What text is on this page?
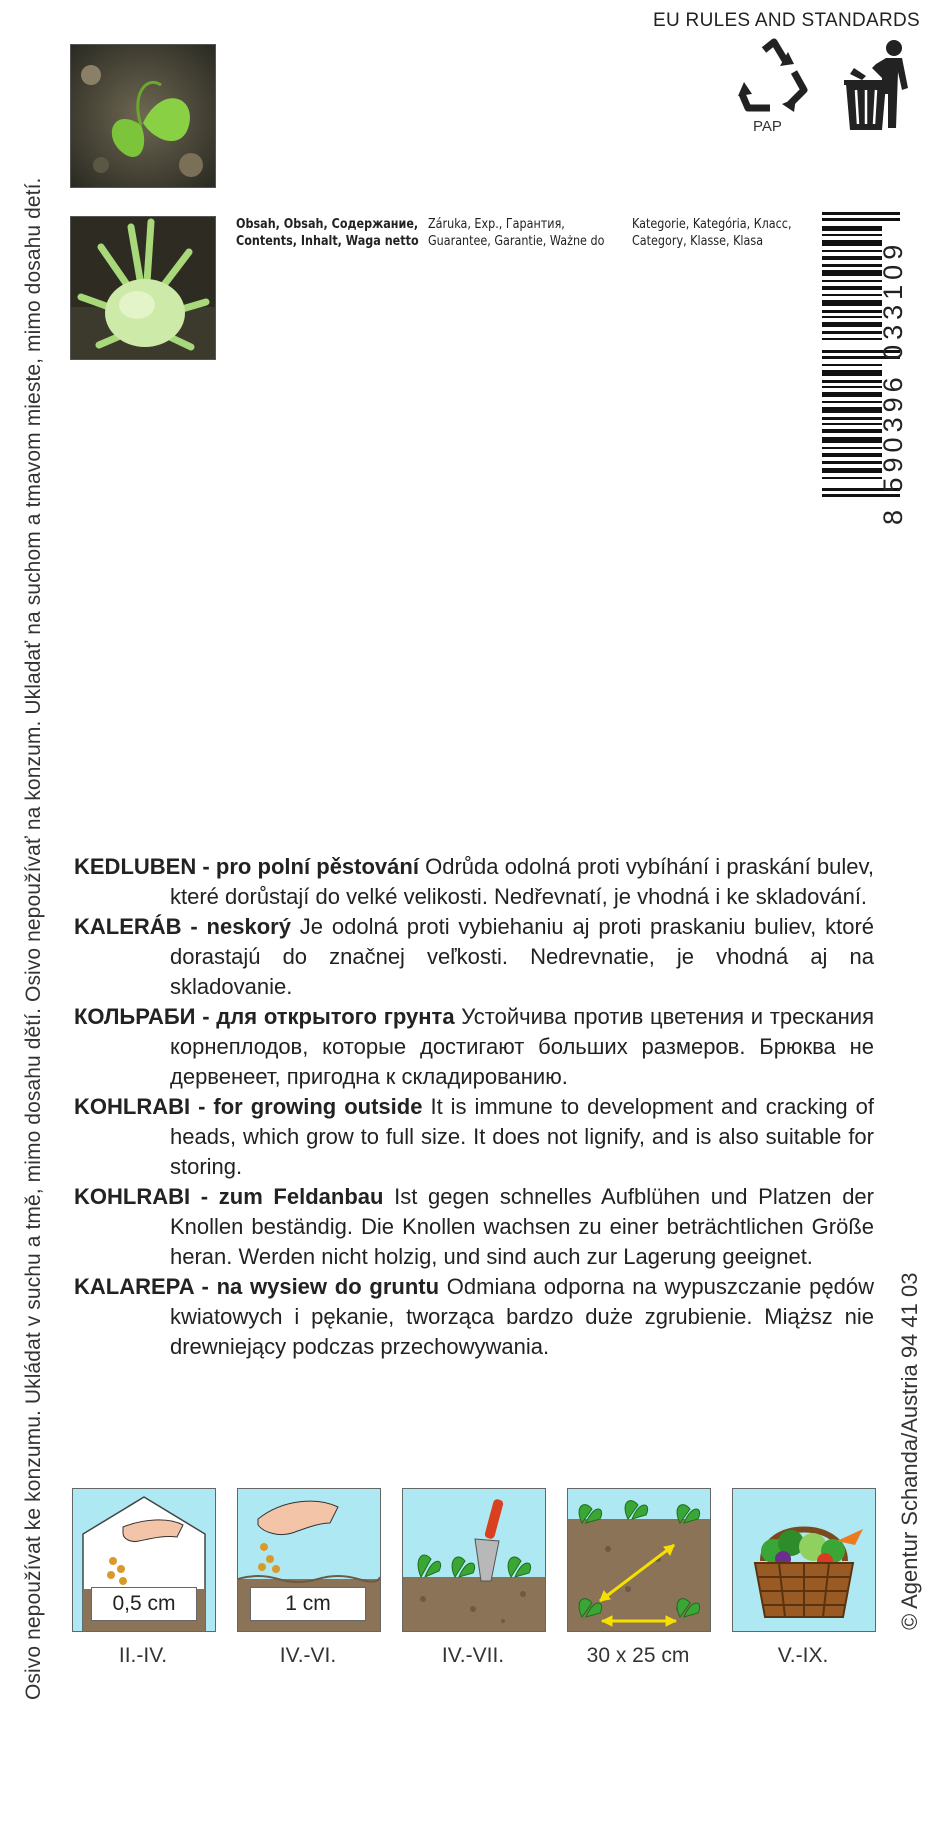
Osivo nepoužívat ke konzumu. Ukládat v suchu a tmě, mimo dosahu dětí. Osivo nepoužívať na konzum. Ukladať na suchom a tmavom mieste, mimo dosahu detí.
EU RULES AND STANDARDS
PAP
Obsah, Obsah, Содержание,
Contents, Inhalt, Waga netto
Záruka, Exp., Гарантия,
Guarantee, Garantie, Ważne do
Kategorie, Kategória, Класс,
Category, Klasse, Klasa	8 590396 033109
© Agentur Schanda/Austria 94 41 03

KEDLUBEN - pro polní pěstování Odrůda odolná proti vybíhání i praskání bulev, které dorůstají do velké velikosti. Nedřevnatí, je vhodná i ke skladování.

KALERÁB - neskorý Je odolná proti vybiehaniu aj proti praskaniu buliev, ktoré dorastajú do značnej veľkosti. Nedrevnatie, je vhodná aj na skladovanie.

КОЛЬРАБИ - для открытого грунта Устойчива против цветения и трескания корнеплодов, которые достигают больших размеров. Брюква не дервенеет, пригодна к складированию.

KOHLRABI - for growing outside It is immune to development and cracking of heads, which grow to full size. It does not lignify, and is also suitable for storing.

KOHLRABI - zum Feldanbau Ist gegen schnelles Aufblühen und Platzen der Knollen beständig. Die Knollen wachsen zu einer beträchtlichen Größe heran. Werden nicht holzig, und sind auch zur Lagerung geeignet.

KALAREPA - na wysiew do gruntu Odmiana odporna na wypuszczanie pędów kwiatowych i pękanie, tworząca bardzo duże zgrubienie. Miąższ nie drewniejący podczas przechowywania.

0,5 cm
II.-IV.
1 cm
IV.-VI.	IV.-VII.	30 x 25 cm	V.-IX.
